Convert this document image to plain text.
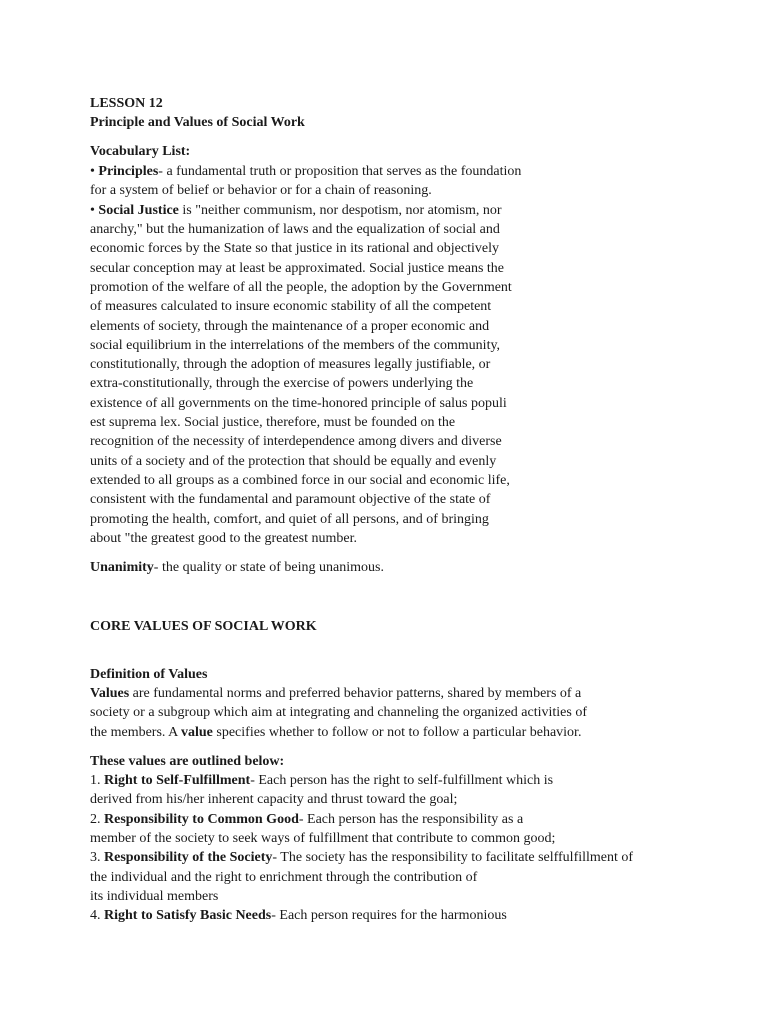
LESSON 12
Principle and Values of Social Work
Vocabulary List:
• Principles- a fundamental truth or proposition that serves as the foundation
for a system of belief or behavior or for a chain of reasoning.
• Social Justice is "neither communism, nor despotism, nor atomism, nor
anarchy," but the humanization of laws and the equalization of social and
economic forces by the State so that justice in its rational and objectively
secular conception may at least be approximated. Social justice means the
promotion of the welfare of all the people, the adoption by the Government
of measures calculated to insure economic stability of all the competent
elements of society, through the maintenance of a proper economic and
social equilibrium in the interrelations of the members of the community,
constitutionally, through the adoption of measures legally justifiable, or
extra-constitutionally, through the exercise of powers underlying the
existence of all governments on the time-honored principle of salus populi
est suprema lex. Social justice, therefore, must be founded on the
recognition of the necessity of interdependence among divers and diverse
units of a society and of the protection that should be equally and evenly
extended to all groups as a combined force in our social and economic life,
consistent with the fundamental and paramount objective of the state of
promoting the health, comfort, and quiet of all persons, and of bringing
about "the greatest good to the greatest number.
Unanimity- the quality or state of being unanimous.
CORE VALUES OF SOCIAL WORK
Definition of Values
Values are fundamental norms and preferred behavior patterns, shared by members of a
society or a subgroup which aim at integrating and channeling the organized activities of
the members. A value specifies whether to follow or not to follow a particular behavior.
These values are outlined below:
1. Right to Self-Fulfillment- Each person has the right to self-fulfillment which is
derived from his/her inherent capacity and thrust toward the goal;
2. Responsibility to Common Good- Each person has the responsibility as a
member of the society to seek ways of fulfillment that contribute to common good;
3. Responsibility of the Society- The society has the responsibility to facilitate selffulfillment of
the individual and the right to enrichment through the contribution of
its individual members
4. Right to Satisfy Basic Needs- Each person requires for the harmonious
